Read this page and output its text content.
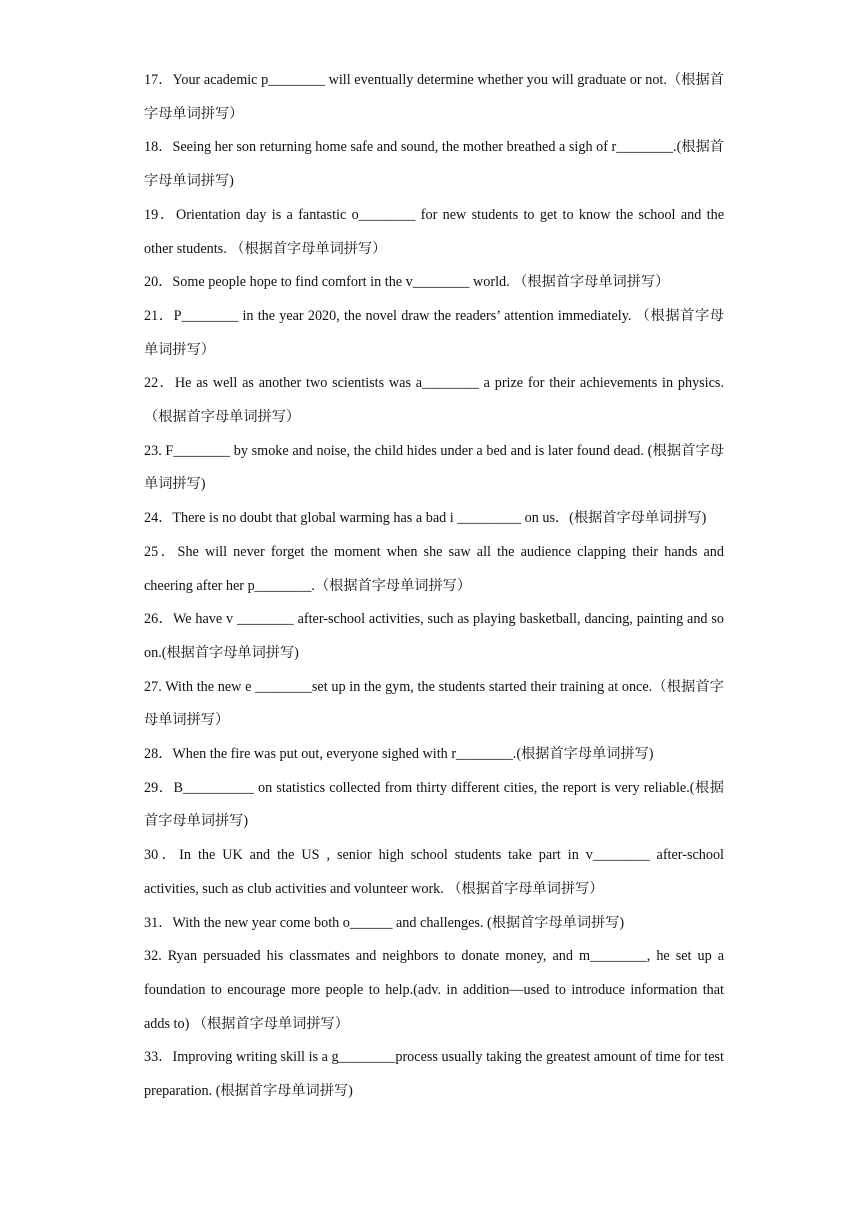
17．Your academic p________ will eventually determine whether you will graduate or not.（根据首字母单词拼写）

18．Seeing her son returning home safe and sound, the mother breathed a sigh of r________.(根据首字母单词拼写)

19．Orientation day is a fantastic o________ for new students to get to know the school and the other students. （根据首字母单词拼写）

20．Some people hope to find comfort in the v________ world. （根据首字母单词拼写）

21．P________ in the year 2020, the novel draw the readers’ attention immediately. （根据首字母单词拼写）

22．He as well as another two scientists was a________ a prize for their achievements in physics. （根据首字母单词拼写）

23. F________ by smoke and noise, the child hides under a bed and is later found dead. (根据首字母单词拼写)

24．There is no doubt that global warming has a bad i _________ on us．(根据首字母单词拼写)

25．She will never forget the moment when she saw all the audience clapping their hands and cheering after her p________.（根据首字母单词拼写）

26．We have v ________ after-school activities, such as playing basketball, dancing, painting and so on.(根据首字母单词拼写)

27. With the new e ________set up in the gym, the students started their training at once.（根据首字母单词拼写）

28．When the fire was put out, everyone sighed with r________.(根据首字母单词拼写)

29．B__________ on statistics collected from thirty different cities, the report is very reliable.(根据首字母单词拼写)

30．In the UK and the US , senior high school students take part in v________ after-school activities, such as club activities and volunteer work. （根据首字母单词拼写）

31．With the new year come both o______ and challenges. (根据首字母单词拼写)

32. Ryan persuaded his classmates and neighbors to donate money, and m________, he set up a foundation to encourage more people to help.(adv. in addition—used to introduce information that adds to) （根据首字母单词拼写）

33．Improving writing skill is a g________process usually taking the greatest amount of time for test preparation. (根据首字母单词拼写)
